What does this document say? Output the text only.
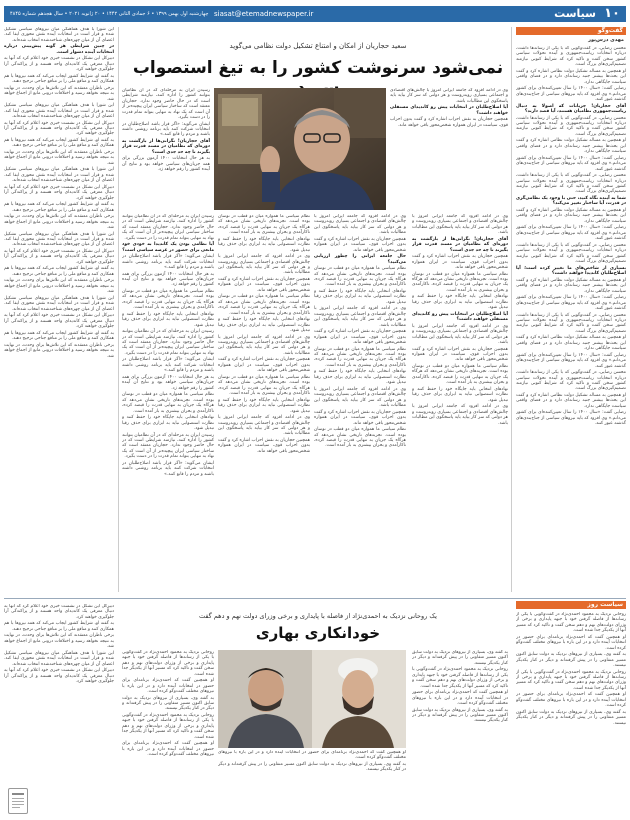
۱۰
سیاست
siasat@etemadnewspaper.ir
چهارشنبه اول بهمن ۱۳۹۹ • ۶ جمادی الثانی ۱۴۴۲ • ۲۰ ژانویه ۲۰۲۱ • سال هجدهم شماره ۴۸۴۵
گفت‌وگو
مهدی درس‌پور

محسن رضایی، در گفت‌وگویی که با یکی از رسانه‌ها داشت، درباره انتخابات ریاست‌جمهوری و آینده تحولات سیاسی کشور سخن گفت و تاکید کرد که شرایط کنونی نیازمند تصمیم‌گیری‌های بزرگ است.

او همچنین به مساله تشکیل دولت نظامی اشاره کرد و گفت این بحث‌ها بیشتر جنبه رسانه‌ای دارد و در فضای واقعی سیاست جایگاهی ندارد.

رضایی گفت: «سال ۱۴۰۰ را سال تعیین‌کننده‌ای برای کشور می‌دانم.» وی افزود که باید نیروهای سیاسی از جناح‌بندی‌های گذشته عبور کنند.

آقای حجاریان! جریانات که اصولا به دنبال ریاست‌جمهوری نظامیان هستند، آیا قصد دارند؟

محسن رضایی، در گفت‌وگویی که با یکی از رسانه‌ها داشت، درباره انتخابات ریاست‌جمهوری و آینده تحولات سیاسی کشور سخن گفت و تاکید کرد که شرایط کنونی نیازمند تصمیم‌گیری‌های بزرگ است.

او همچنین به مساله تشکیل دولت نظامی اشاره کرد و گفت این بحث‌ها بیشتر جنبه رسانه‌ای دارد و در فضای واقعی سیاست جایگاهی ندارد.

رضایی گفت: «سال ۱۴۰۰ را سال تعیین‌کننده‌ای برای کشور می‌دانم.» وی افزود که باید نیروهای سیاسی از جناح‌بندی‌های گذشته عبور کنند.

محسن رضایی، در گفت‌وگویی که با یکی از رسانه‌ها داشت، درباره انتخابات ریاست‌جمهوری و آینده تحولات سیاسی کشور سخن گفت و تاکید کرد که شرایط کنونی نیازمند تصمیم‌گیری‌های بزرگ است.

شما به آینده نگاه کنید، حتی با وجود یک نظامی‌گری در قدرت، آیا ساختار تغییر می‌کند؟

او همچنین به مساله تشکیل دولت نظامی اشاره کرد و گفت این بحث‌ها بیشتر جنبه رسانه‌ای دارد و در فضای واقعی سیاست جایگاهی ندارد.

رضایی گفت: «سال ۱۴۰۰ را سال تعیین‌کننده‌ای برای کشور می‌دانم.» وی افزود که باید نیروهای سیاسی از جناح‌بندی‌های گذشته عبور کنند.

محسن رضایی، در گفت‌وگویی که با یکی از رسانه‌ها داشت، درباره انتخابات ریاست‌جمهوری و آینده تحولات سیاسی کشور سخن گفت و تاکید کرد که شرایط کنونی نیازمند تصمیم‌گیری‌های بزرگ است.

بسیاری از شاخص‌های ما تغییر کرده است؛ آیا اصلاح‌طلبان کاندیدا خواهند داشت؟

او همچنین به مساله تشکیل دولت نظامی اشاره کرد و گفت این بحث‌ها بیشتر جنبه رسانه‌ای دارد و در فضای واقعی سیاست جایگاهی ندارد.

رضایی گفت: «سال ۱۴۰۰ را سال تعیین‌کننده‌ای برای کشور می‌دانم.» وی افزود که باید نیروهای سیاسی از جناح‌بندی‌های گذشته عبور کنند.

محسن رضایی، در گفت‌وگویی که با یکی از رسانه‌ها داشت، درباره انتخابات ریاست‌جمهوری و آینده تحولات سیاسی کشور سخن گفت و تاکید کرد که شرایط کنونی نیازمند تصمیم‌گیری‌های بزرگ است.

او همچنین به مساله تشکیل دولت نظامی اشاره کرد و گفت این بحث‌ها بیشتر جنبه رسانه‌ای دارد و در فضای واقعی سیاست جایگاهی ندارد.

رضایی گفت: «سال ۱۴۰۰ را سال تعیین‌کننده‌ای برای کشور می‌دانم.» وی افزود که باید نیروهای سیاسی از جناح‌بندی‌های گذشته عبور کنند.

محسن رضایی، در گفت‌وگویی که با یکی از رسانه‌ها داشت، درباره انتخابات ریاست‌جمهوری و آینده تحولات سیاسی کشور سخن گفت و تاکید کرد که شرایط کنونی نیازمند تصمیم‌گیری‌های بزرگ است.

او همچنین به مساله تشکیل دولت نظامی اشاره کرد و گفت این بحث‌ها بیشتر جنبه رسانه‌ای دارد و در فضای واقعی سیاست جایگاهی ندارد.

رضایی گفت: «سال ۱۴۰۰ را سال تعیین‌کننده‌ای برای کشور می‌دانم.» وی افزود که باید نیروهای سیاسی از جناح‌بندی‌های گذشته عبور کنند.

سعید حجاریان از امکان و امتناع تشکیل دولت نظامی می‌گوید
نمی‌شود سرنوشت کشور را به تیغ استصواب

رسیدن ایران به مرحله‌ای که در آن نظامیان بتوانند کشور را اداره کنند، نیازمند شرایطی است که در حال حاضر وجود ندارد. حجاریان معتقد است که ساختار سیاسی ایران پیچیده‌تر از آن است که یک نهاد به تنهایی بتواند تمام قدرت را در دست بگیرد.

ایشان می‌گوید: «اگر قرار باشد اصلاح‌طلبان در انتخابات شرکت کنند باید برنامه روشنی داشته باشند و مردم را قانع کنند.»

آقای حجاریان! نگرانی‌ها از بازگشت به دوره‌ای که نظامیان در مسند قدرت قرار بگیرند تا چه حد جدی است؟

به هر حال انتخابات ۱۴۰۰ آزمون بزرگی برای همه جریان‌های سیاسی خواهد بود و نتایج آن آینده کشور را رقم خواهد زد.

وی در ادامه افزود که جامعه ایرانی امروز با چالش‌های اقتصادی و اجتماعی بسیاری روبه‌روست و هر دولتی که سر کار بیاید باید پاسخگوی این مطالبات باشد.

آیا اصلاح‌طلبان در انتخابات پیش رو کاندیدای مستقلی خواهند داشت؟

همچنین حجاریان به نقش احزاب اشاره کرد و گفت بدون احزاب قوی، سیاست در ایران همواره شخص‌محور باقی خواهد ماند.

رسیدن ایران به مرحله‌ای که در آن نظامیان بتوانند کشور را اداره کنند، نیازمند شرایطی است که در حال حاضر وجود ندارد. حجاریان معتقد است که ساختار سیاسی ایران پیچیده‌تر از آن است که یک نهاد به تنهایی بتواند تمام قدرت را در دست بگیرد.

آیا نظامی بودن یک کاندیدا به خودی خود مانعی برای حضور در عرصه سیاسی است؟

ایشان می‌گوید: «اگر قرار باشد اصلاح‌طلبان در انتخابات شرکت کنند باید برنامه روشنی داشته باشند و مردم را قانع کنند.»

به هر حال انتخابات ۱۴۰۰ آزمون بزرگی برای همه جریان‌های سیاسی خواهد بود و نتایج آن آینده کشور را رقم خواهد زد.

نظام سیاسی ما همواره میان دو قطب در نوسان بوده است. تجربه‌های تاریخی نشان می‌دهد که هرگاه یک جریان به تنهایی قدرت را قبضه کرده، ناکارآمدی و بحران بیشتری به بار آمده است.

نهادهای انتخابی باید جایگاه خود را حفظ کنند و نظارت استصوابی نباید به ابزاری برای حذف رقبا تبدیل شود.

رسیدن ایران به مرحله‌ای که در آن نظامیان بتوانند کشور را اداره کنند، نیازمند شرایطی است که در حال حاضر وجود ندارد. حجاریان معتقد است که ساختار سیاسی ایران پیچیده‌تر از آن است که یک نهاد به تنهایی بتواند تمام قدرت را در دست بگیرد.

ایشان می‌گوید: «اگر قرار باشد اصلاح‌طلبان در انتخابات شرکت کنند باید برنامه روشنی داشته باشند و مردم را قانع کنند.»

به هر حال انتخابات ۱۴۰۰ آزمون بزرگی برای همه جریان‌های سیاسی خواهد بود و نتایج آن آینده کشور را رقم خواهد زد.

نظام سیاسی ما همواره میان دو قطب در نوسان بوده است. تجربه‌های تاریخی نشان می‌دهد که هرگاه یک جریان به تنهایی قدرت را قبضه کرده، ناکارآمدی و بحران بیشتری به بار آمده است.

نهادهای انتخابی باید جایگاه خود را حفظ کنند و نظارت استصوابی نباید به ابزاری برای حذف رقبا تبدیل شود.

رسیدن ایران به مرحله‌ای که در آن نظامیان بتوانند کشور را اداره کنند، نیازمند شرایطی است که در حال حاضر وجود ندارد. حجاریان معتقد است که ساختار سیاسی ایران پیچیده‌تر از آن است که یک نهاد به تنهایی بتواند تمام قدرت را در دست بگیرد.

ایشان می‌گوید: «اگر قرار باشد اصلاح‌طلبان در انتخابات شرکت کنند باید برنامه روشنی داشته باشند و مردم را قانع کنند.»

نظام سیاسی ما همواره میان دو قطب در نوسان بوده است. تجربه‌های تاریخی نشان می‌دهد که هرگاه یک جریان به تنهایی قدرت را قبضه کرده، ناکارآمدی و بحران بیشتری به بار آمده است.

نهادهای انتخابی باید جایگاه خود را حفظ کنند و نظارت استصوابی نباید به ابزاری برای حذف رقبا تبدیل شود.

وی در ادامه افزود که جامعه ایرانی امروز با چالش‌های اقتصادی و اجتماعی بسیاری روبه‌روست و هر دولتی که سر کار بیاید باید پاسخگوی این مطالبات باشد.

همچنین حجاریان به نقش احزاب اشاره کرد و گفت بدون احزاب قوی، سیاست در ایران همواره شخص‌محور باقی خواهد ماند.

نظام سیاسی ما همواره میان دو قطب در نوسان بوده است. تجربه‌های تاریخی نشان می‌دهد که هرگاه یک جریان به تنهایی قدرت را قبضه کرده، ناکارآمدی و بحران بیشتری به بار آمده است.

نهادهای انتخابی باید جایگاه خود را حفظ کنند و نظارت استصوابی نباید به ابزاری برای حذف رقبا تبدیل شود.

وی در ادامه افزود که جامعه ایرانی امروز با چالش‌های اقتصادی و اجتماعی بسیاری روبه‌روست و هر دولتی که سر کار بیاید باید پاسخگوی این مطالبات باشد.

همچنین حجاریان به نقش احزاب اشاره کرد و گفت بدون احزاب قوی، سیاست در ایران همواره شخص‌محور باقی خواهد ماند.

نظام سیاسی ما همواره میان دو قطب در نوسان بوده است. تجربه‌های تاریخی نشان می‌دهد که هرگاه یک جریان به تنهایی قدرت را قبضه کرده، ناکارآمدی و بحران بیشتری به بار آمده است.

نهادهای انتخابی باید جایگاه خود را حفظ کنند و نظارت استصوابی نباید به ابزاری برای حذف رقبا تبدیل شود.

وی در ادامه افزود که جامعه ایرانی امروز با چالش‌های اقتصادی و اجتماعی بسیاری روبه‌روست و هر دولتی که سر کار بیاید باید پاسخگوی این مطالبات باشد.

همچنین حجاریان به نقش احزاب اشاره کرد و گفت بدون احزاب قوی، سیاست در ایران همواره شخص‌محور باقی خواهد ماند.

وی در ادامه افزود که جامعه ایرانی امروز با چالش‌های اقتصادی و اجتماعی بسیاری روبه‌روست و هر دولتی که سر کار بیاید باید پاسخگوی این مطالبات باشد.

همچنین حجاریان به نقش احزاب اشاره کرد و گفت بدون احزاب قوی، سیاست در ایران همواره شخص‌محور باقی خواهد ماند.

حال جامعه ایرانی را چطور ارزیابی می‌کنید؟

نظام سیاسی ما همواره میان دو قطب در نوسان بوده است. تجربه‌های تاریخی نشان می‌دهد که هرگاه یک جریان به تنهایی قدرت را قبضه کرده، ناکارآمدی و بحران بیشتری به بار آمده است.

نهادهای انتخابی باید جایگاه خود را حفظ کنند و نظارت استصوابی نباید به ابزاری برای حذف رقبا تبدیل شود.

وی در ادامه افزود که جامعه ایرانی امروز با چالش‌های اقتصادی و اجتماعی بسیاری روبه‌روست و هر دولتی که سر کار بیاید باید پاسخگوی این مطالبات باشد.

همچنین حجاریان به نقش احزاب اشاره کرد و گفت بدون احزاب قوی، سیاست در ایران همواره شخص‌محور باقی خواهد ماند.

نظام سیاسی ما همواره میان دو قطب در نوسان بوده است. تجربه‌های تاریخی نشان می‌دهد که هرگاه یک جریان به تنهایی قدرت را قبضه کرده، ناکارآمدی و بحران بیشتری به بار آمده است.

نهادهای انتخابی باید جایگاه خود را حفظ کنند و نظارت استصوابی نباید به ابزاری برای حذف رقبا تبدیل شود.

وی در ادامه افزود که جامعه ایرانی امروز با چالش‌های اقتصادی و اجتماعی بسیاری روبه‌روست و هر دولتی که سر کار بیاید باید پاسخگوی این مطالبات باشد.

همچنین حجاریان به نقش احزاب اشاره کرد و گفت بدون احزاب قوی، سیاست در ایران همواره شخص‌محور باقی خواهد ماند.

نظام سیاسی ما همواره میان دو قطب در نوسان بوده است. تجربه‌های تاریخی نشان می‌دهد که هرگاه یک جریان به تنهایی قدرت را قبضه کرده، ناکارآمدی و بحران بیشتری به بار آمده است.

وی در ادامه افزود که جامعه ایرانی امروز با چالش‌های اقتصادی و اجتماعی بسیاری روبه‌روست و هر دولتی که سر کار بیاید باید پاسخگوی این مطالبات باشد.

آقای حجاریان! نگرانی‌ها از بازگشت به دوره‌ای که نظامیان در مسند قدرت قرار بگیرند تا چه حد جدی است؟

همچنین حجاریان به نقش احزاب اشاره کرد و گفت بدون احزاب قوی، سیاست در ایران همواره شخص‌محور باقی خواهد ماند.

نظام سیاسی ما همواره میان دو قطب در نوسان بوده است. تجربه‌های تاریخی نشان می‌دهد که هرگاه یک جریان به تنهایی قدرت را قبضه کرده، ناکارآمدی و بحران بیشتری به بار آمده است.

نهادهای انتخابی باید جایگاه خود را حفظ کنند و نظارت استصوابی نباید به ابزاری برای حذف رقبا تبدیل شود.

آیا اصلاح‌طلبان در انتخابات پیش رو کاندیدای مستقلی خواهند داشت؟

وی در ادامه افزود که جامعه ایرانی امروز با چالش‌های اقتصادی و اجتماعی بسیاری روبه‌روست و هر دولتی که سر کار بیاید باید پاسخگوی این مطالبات باشد.

همچنین حجاریان به نقش احزاب اشاره کرد و گفت بدون احزاب قوی، سیاست در ایران همواره شخص‌محور باقی خواهد ماند.

نظام سیاسی ما همواره میان دو قطب در نوسان بوده است. تجربه‌های تاریخی نشان می‌دهد که هرگاه یک جریان به تنهایی قدرت را قبضه کرده، ناکارآمدی و بحران بیشتری به بار آمده است.

نهادهای انتخابی باید جایگاه خود را حفظ کنند و نظارت استصوابی نباید به ابزاری برای حذف رقبا تبدیل شود.

وی در ادامه افزود که جامعه ایرانی امروز با چالش‌های اقتصادی و اجتماعی بسیاری روبه‌روست و هر دولتی که سر کار بیاید باید پاسخگوی این مطالبات باشد.

این شورا با هدف هماهنگی میان نیروهای سیاسی تشکیل شده و قرار است در انتخابات آینده نقش محوری ایفا کند. اعضای آن از میان چهره‌های شناخته‌شده انتخاب شده‌اند.

در چنین شرایطی هر گونه پیش‌بینی درباره انتخابات آینده دشوار است.

دبیرکل این تشکل در نشست خبری خود اعلام کرد که آنها به دنبال معرفی یک کاندیدای واحد هستند و از پراکندگی آرا جلوگیری خواهند کرد.

به گفته او، شرایط کشور ایجاب می‌کند که همه نیروها با هم همکاری کنند و منافع ملی را بر منافع جناحی ترجیح دهند.

برخی ناظران معتقدند که این تلاش‌ها برای وحدت، در نهایت به نتیجه نخواهد رسید و اختلافات درونی مانع از اجماع خواهد شد.

این شورا با هدف هماهنگی میان نیروهای سیاسی تشکیل شده و قرار است در انتخابات آینده نقش محوری ایفا کند. اعضای آن از میان چهره‌های شناخته‌شده انتخاب شده‌اند.

دبیرکل این تشکل در نشست خبری خود اعلام کرد که آنها به دنبال معرفی یک کاندیدای واحد هستند و از پراکندگی آرا جلوگیری خواهند کرد.

به گفته او، شرایط کشور ایجاب می‌کند که همه نیروها با هم همکاری کنند و منافع ملی را بر منافع جناحی ترجیح دهند.

برخی ناظران معتقدند که این تلاش‌ها برای وحدت، در نهایت به نتیجه نخواهد رسید و اختلافات درونی مانع از اجماع خواهد شد.

این شورا با هدف هماهنگی میان نیروهای سیاسی تشکیل شده و قرار است در انتخابات آینده نقش محوری ایفا کند. اعضای آن از میان چهره‌های شناخته‌شده انتخاب شده‌اند.

دبیرکل این تشکل در نشست خبری خود اعلام کرد که آنها به دنبال معرفی یک کاندیدای واحد هستند و از پراکندگی آرا جلوگیری خواهند کرد.

به گفته او، شرایط کشور ایجاب می‌کند که همه نیروها با هم همکاری کنند و منافع ملی را بر منافع جناحی ترجیح دهند.

برخی ناظران معتقدند که این تلاش‌ها برای وحدت، در نهایت به نتیجه نخواهد رسید و اختلافات درونی مانع از اجماع خواهد شد.

این شورا با هدف هماهنگی میان نیروهای سیاسی تشکیل شده و قرار است در انتخابات آینده نقش محوری ایفا کند. اعضای آن از میان چهره‌های شناخته‌شده انتخاب شده‌اند.

دبیرکل این تشکل در نشست خبری خود اعلام کرد که آنها به دنبال معرفی یک کاندیدای واحد هستند و از پراکندگی آرا جلوگیری خواهند کرد.

به گفته او، شرایط کشور ایجاب می‌کند که همه نیروها با هم همکاری کنند و منافع ملی را بر منافع جناحی ترجیح دهند.

برخی ناظران معتقدند که این تلاش‌ها برای وحدت، در نهایت به نتیجه نخواهد رسید و اختلافات درونی مانع از اجماع خواهد شد.

این شورا با هدف هماهنگی میان نیروهای سیاسی تشکیل شده و قرار است در انتخابات آینده نقش محوری ایفا کند. اعضای آن از میان چهره‌های شناخته‌شده انتخاب شده‌اند.

دبیرکل این تشکل در نشست خبری خود اعلام کرد که آنها به دنبال معرفی یک کاندیدای واحد هستند و از پراکندگی آرا جلوگیری خواهند کرد.

به گفته او، شرایط کشور ایجاب می‌کند که همه نیروها با هم همکاری کنند و منافع ملی را بر منافع جناحی ترجیح دهند.

برخی ناظران معتقدند که این تلاش‌ها برای وحدت، در نهایت به نتیجه نخواهد رسید و اختلافات درونی مانع از اجماع خواهد شد.

سیاست روز
یک روحانی نزدیک به احمدی‌نژاد از فاصله با پایداری و برخی وزرای دولت نهم و دهم گفت
خودانکاری بهاری

روحانی نزدیک به محمود احمدی‌نژاد در گفت‌وگویی با یکی از رسانه‌ها از فاصله گرفتن خود با جبهه پایداری و برخی از وزرای دولت‌های نهم و دهم سخن گفت و تاکید کرد که مسیر آنها از یکدیگر جدا شده است.

او همچنین گفت که احمدی‌نژاد برنامه‌ای برای حضور در انتخابات آینده دارد و در این باره با نیروهای مختلف گفت‌وگو کرده است.

به گفته وی، بسیاری از نیروهای نزدیک به دولت سابق اکنون مسیر متفاوتی را در پیش گرفته‌اند و دیگر در کنار یکدیگر نیستند.

روحانی نزدیک به محمود احمدی‌نژاد در گفت‌وگویی با یکی از رسانه‌ها از فاصله گرفتن خود با جبهه پایداری و برخی از وزرای دولت‌های نهم و دهم سخن گفت و تاکید کرد که مسیر آنها از یکدیگر جدا شده است.

او همچنین گفت که احمدی‌نژاد برنامه‌ای برای حضور در انتخابات آینده دارد و در این باره با نیروهای مختلف گفت‌وگو کرده است. او همچنین گفت که احمدی‌نژاد برنامه‌ای برای حضور در انتخابات آینده دارد و در این باره با نیروهای مختلف گفت‌وگو کرده است.

به گفته وی، بسیاری از نیروهای نزدیک به دولت سابق اکنون مسیر متفاوتی را در پیش گرفته‌اند و دیگر در کنار یکدیگر نیستند.

به گفته وی، بسیاری از نیروهای نزدیک به دولت سابق اکنون مسیر متفاوتی را در پیش گرفته‌اند و دیگر در کنار یکدیگر نیستند.

روحانی نزدیک به محمود احمدی‌نژاد در گفت‌وگویی با یکی از رسانه‌ها از فاصله گرفتن خود با جبهه پایداری و برخی از وزرای دولت‌های نهم و دهم سخن گفت و تاکید کرد که مسیر آنها از یکدیگر جدا شده است.

او همچنین گفت که احمدی‌نژاد برنامه‌ای برای حضور در انتخابات آینده دارد و در این باره با نیروهای مختلف گفت‌وگو کرده است.

به گفته وی، بسیاری از نیروهای نزدیک به دولت سابق اکنون مسیر متفاوتی را در پیش گرفته‌اند و دیگر در کنار یکدیگر نیستند.

روحانی نزدیک به محمود احمدی‌نژاد در گفت‌وگویی با یکی از رسانه‌ها از فاصله گرفتن خود با جبهه پایداری و برخی از وزرای دولت‌های نهم و دهم سخن گفت و تاکید کرد که مسیر آنها از یکدیگر جدا شده است.

او همچنین گفت که احمدی‌نژاد برنامه‌ای برای حضور در انتخابات آینده دارد و در این باره با نیروهای مختلف گفت‌وگو کرده است.

به گفته وی، بسیاری از نیروهای نزدیک به دولت سابق اکنون مسیر متفاوتی را در پیش گرفته‌اند و دیگر در کنار یکدیگر نیستند.

روحانی نزدیک به محمود احمدی‌نژاد در گفت‌وگویی با یکی از رسانه‌ها از فاصله گرفتن خود با جبهه پایداری و برخی از وزرای دولت‌های نهم و دهم سخن گفت و تاکید کرد که مسیر آنها از یکدیگر جدا شده است.

او همچنین گفت که احمدی‌نژاد برنامه‌ای برای حضور در انتخابات آینده دارد و در این باره با نیروهای مختلف گفت‌وگو کرده است.

به گفته وی، بسیاری از نیروهای نزدیک به دولت سابق اکنون مسیر متفاوتی را در پیش گرفته‌اند و دیگر در کنار یکدیگر نیستند.

دبیرکل این تشکل در نشست خبری خود اعلام کرد که آنها به دنبال معرفی یک کاندیدای واحد هستند و از پراکندگی آرا جلوگیری خواهند کرد.

به گفته او، شرایط کشور ایجاب می‌کند که همه نیروها با هم همکاری کنند و منافع ملی را بر منافع جناحی ترجیح دهند.

برخی ناظران معتقدند که این تلاش‌ها برای وحدت، در نهایت به نتیجه نخواهد رسید و اختلافات درونی مانع از اجماع خواهد شد.

این شورا با هدف هماهنگی میان نیروهای سیاسی تشکیل شده و قرار است در انتخابات آینده نقش محوری ایفا کند. اعضای آن از میان چهره‌های شناخته‌شده انتخاب شده‌اند.

دبیرکل این تشکل در نشست خبری خود اعلام کرد که آنها به دنبال معرفی یک کاندیدای واحد هستند و از پراکندگی آرا جلوگیری خواهند کرد.
